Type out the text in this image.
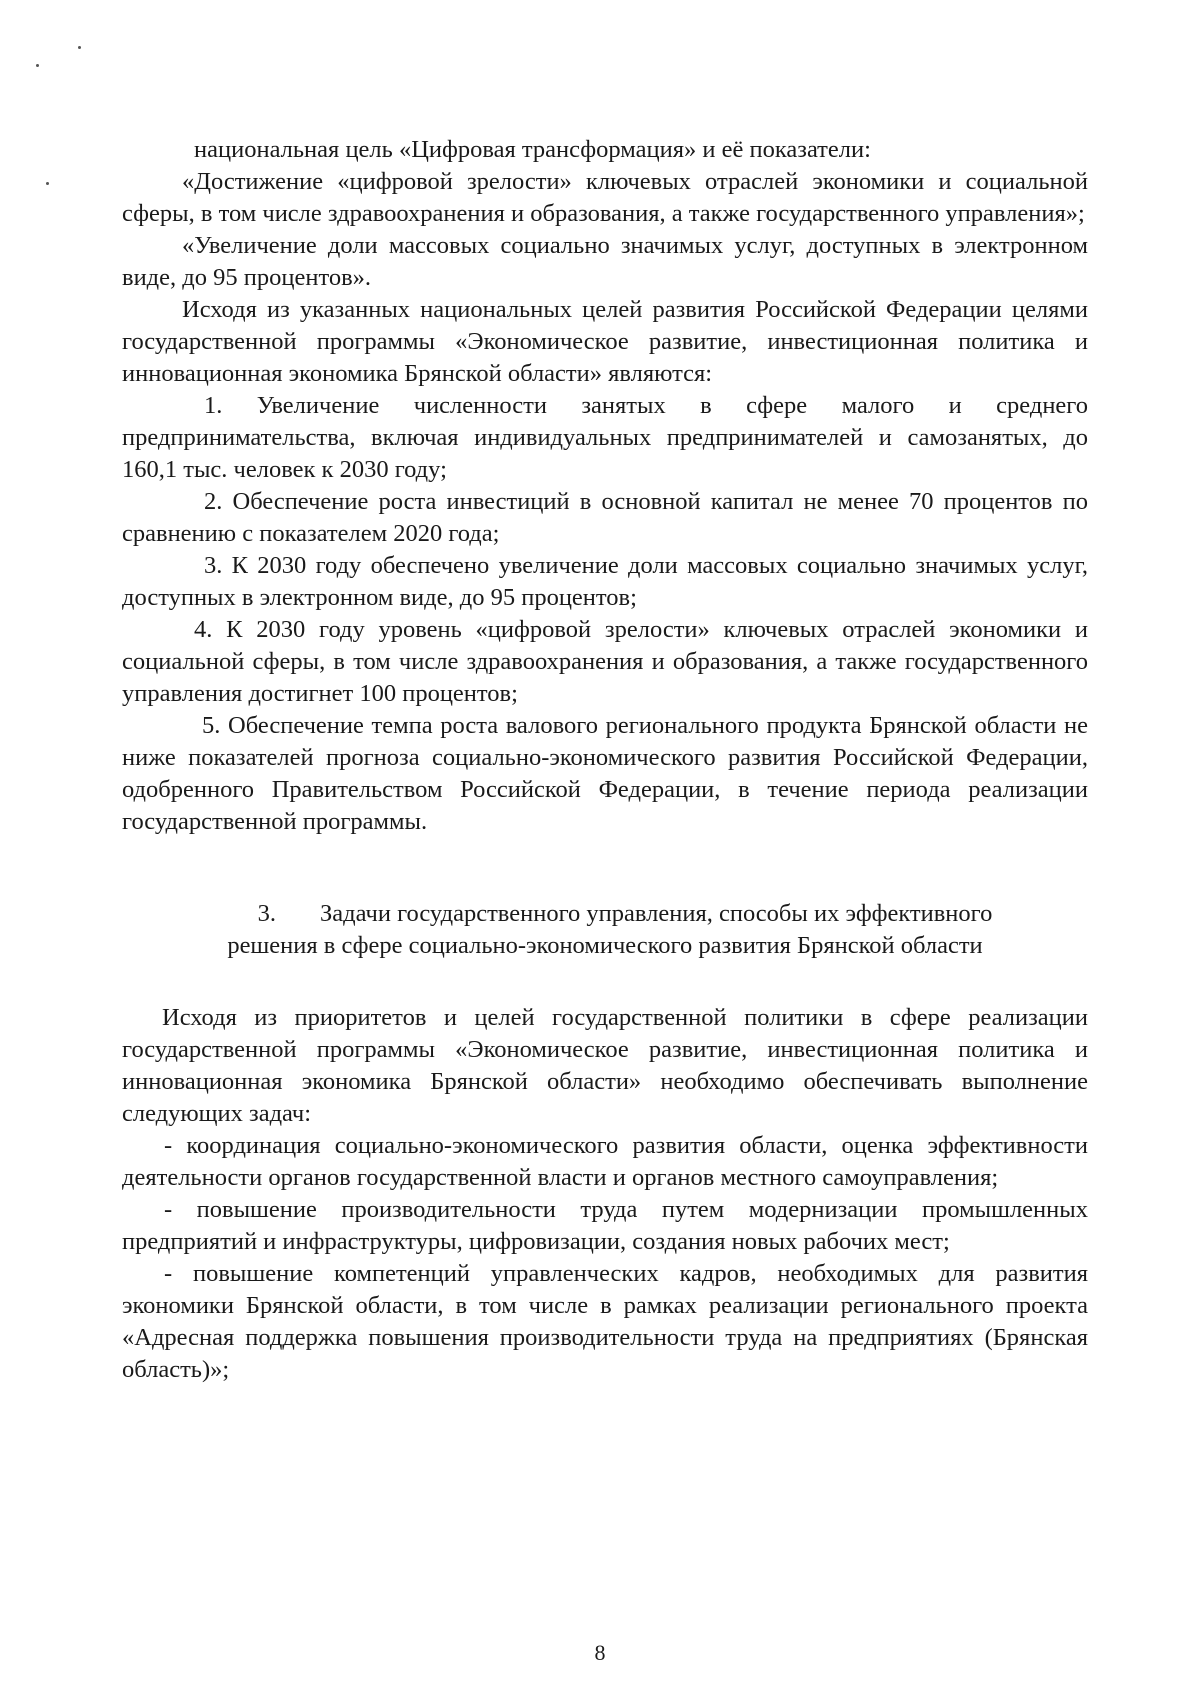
национальная цель «Цифровая трансформация» и её показатели:

«Достижение «цифровой зрелости» ключевых отраслей экономики и социальной сферы, в том числе здравоохранения и образования, а также государственного управления»;

«Увеличение доли массовых социально значимых услуг, доступных в электронном виде, до 95 процентов».

Исходя из указанных национальных целей развития Российской Федерации целями государственной программы «Экономическое развитие, инвестиционная политика и инновационная экономика Брянской области» являются:

1. Увеличение численности занятых в сфере малого и среднего предпринимательства, включая индивидуальных предпринимателей и самозанятых, до 160,1 тыс. человек к 2030 году;

2. Обеспечение роста инвестиций в основной капитал не менее 70 процентов по сравнению с показателем 2020 года;

3. К 2030 году обеспечено увеличение доли массовых социально значимых услуг, доступных в электронном виде, до 95 процентов;

4. К 2030 году уровень «цифровой зрелости» ключевых отраслей экономики и социальной сферы, в том числе здравоохранения и образования, а также государственного управления достигнет 100 процентов;

5. Обеспечение темпа роста валового регионального продукта Брянской области не ниже показателей прогноза социально-экономического развития Российской Федерации, одобренного Правительством Российской Федерации, в течение периода реализации государственной программы.

3. Задачи государственного управления, способы их эффективного

решения в сфере социально-экономического развития Брянской области

Исходя из приоритетов и целей государственной политики в сфере реализации государственной программы «Экономическое развитие, инвестиционная политика и инновационная экономика Брянской области» необходимо обеспечивать выполнение следующих задач:

- координация социально-экономического развития области, оценка эффективности деятельности органов государственной власти и органов местного самоуправления;

- повышение производительности труда путем модернизации промышленных предприятий и инфраструктуры, цифровизации, создания новых рабочих мест;

- повышение компетенций управленческих кадров, необходимых для развития экономики Брянской области, в том числе в рамках реализации регионального проекта «Адресная поддержка повышения производительности труда на предприятиях (Брянская область)»;

8
